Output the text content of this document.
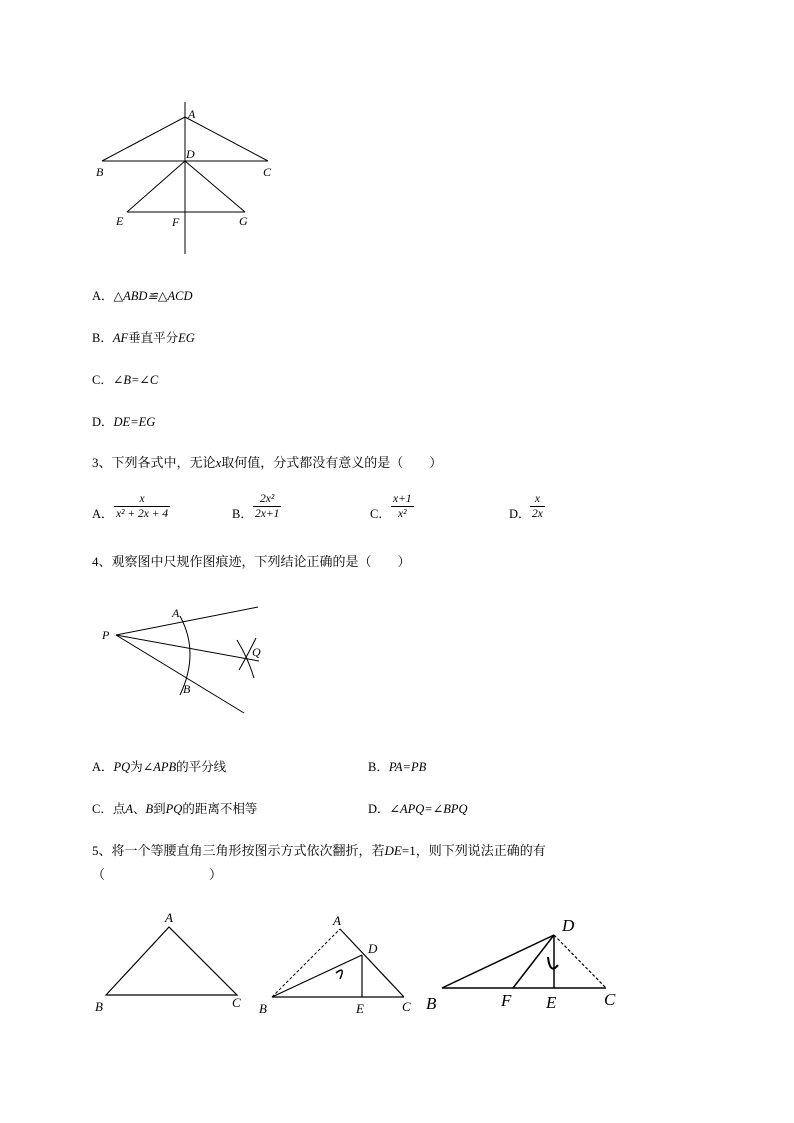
A
D
B	C
E	F	G
A．△ABD≌△ACD
B．AF垂直平分EG
C．∠B=∠C
D．DE=EG
3、下列各式中，无论x取何值，分式都没有意义的是（　　）
A．
x
x² + 2x + 4	B．
2x²
2x+1	C．
x+1
x²	D．
x
2x
4、观察图中尺规作图痕迹，下列结论正确的是（　　）
P
A
Q
B
A．PQ为∠APB的平分线	B．PA=PB
C．点A、B到PQ的距离不相等	D．∠APQ=∠BPQ
5、将一个等腰直角三角形按图示方式依次翻折，若DE=1，则下列说法正确的有
（　　　　　　　　）
A
B	C
A
D
B	E	C
D
B	F E	C
